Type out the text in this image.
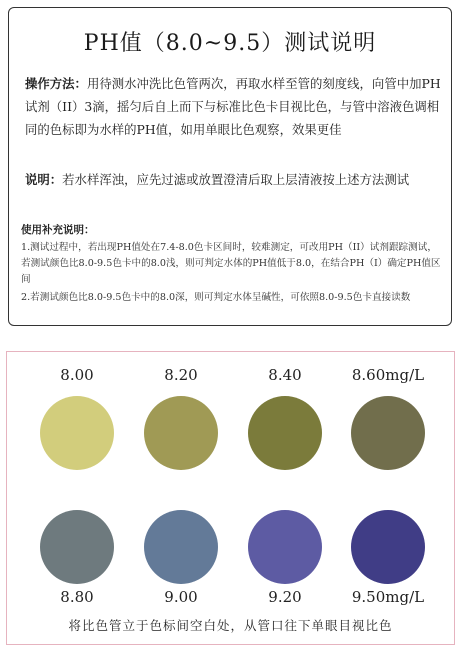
PH值（8.0~9.5）测试说明
操作方法：用待测水冲洗比色管两次，再取水样至管的刻度线，向管中加PH试剂（II）3滴，摇匀后自上而下与标准比色卡目视比色，与管中溶液色调相同的色标即为水样的PH值，如用单眼比色观察，效果更佳
说明：若水样浑浊，应先过滤或放置澄清后取上层清液按上述方法测试
使用补充说明：
1.测试过程中，若出现PH值处在7.4-8.0色卡区间时，较难测定，可改用PH（II）试剂跟踪测试，若测试颜色比8.0-9.5色卡中的8.0浅，则可判定水体的PH值低于8.0，在结合PH（I）确定PH值区间
2.若测试颜色比8.0-9.5色卡中的8.0深，则可判定水体呈碱性，可依照8.0-9.5色卡直接读数
8.00	8.20	8.40	8.60mg/L
8.80	9.00	9.20	9.50mg/L
将比色管立于色标间空白处，从管口往下单眼目视比色
